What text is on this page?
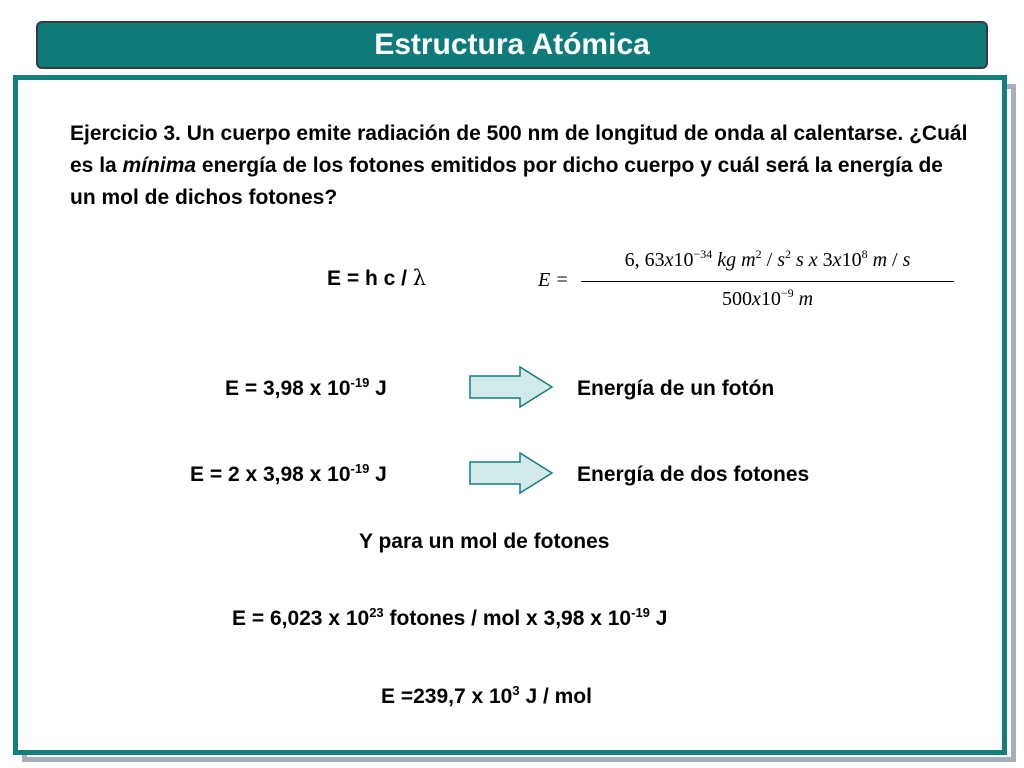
Estructura Atómica
Ejercicio 3. Un cuerpo emite radiación de 500 nm de longitud de onda al calentarse. ¿Cuál es la mínima energía de los fotones emitidos por dicho cuerpo y cuál será la energía de un mol de dichos fotones?
E = h c / λ	E =
6, $63x10^{-34}$ kg $m^2 / s^2$ s x $3x10^8$ m / s
$500x10^{-9}$ m
E = 3,98 x $10^{-19}$ J	Energía de un fotón
E = 2 x 3,98 x $10^{-19}$ J	Energía de dos fotones
Y para un mol de fotones
E = 6,023 x $10^{23}$ fotones / mol x 3,98 x $10^{-19}$ J
E =239,7 x $10^3$ J / mol
